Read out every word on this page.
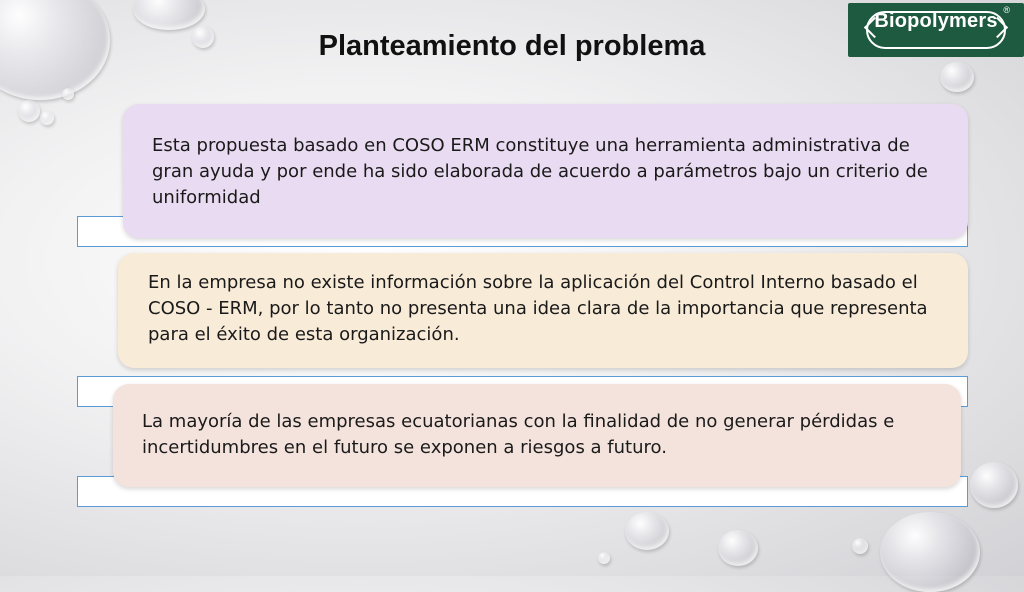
Planteamiento del problema
Biopolymers ®

Esta propuesta basado en COSO ERM constituye una herramienta administrativa de gran ayuda y por ende ha sido elaborada de acuerdo a parámetros bajo un criterio de uniformidad

En la empresa no existe información sobre la aplicación del Control Interno basado el COSO - ERM, por lo tanto no presenta una idea clara de la importancia que representa para el éxito de esta organización.

La mayoría de las empresas ecuatorianas con la finalidad de no generar pérdidas e incertidumbres en el futuro se exponen a riesgos a futuro.
